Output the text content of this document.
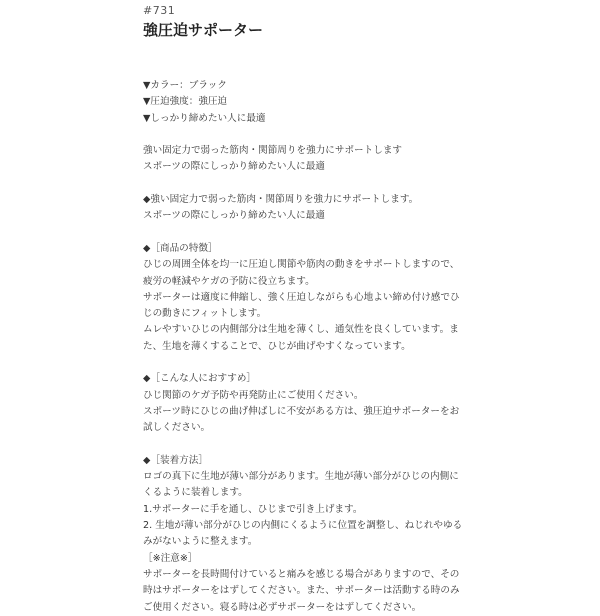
#731
強圧迫サポーター
▼カラー：ブラック
▼圧迫強度：強圧迫
▼しっかり締めたい人に最適
強い固定力で弱った筋肉・関節周りを強力にサポートします
スポーツの際にしっかり締めたい人に最適
◆強い固定力で弱った筋肉・関節周りを強力にサポートします。
スポーツの際にしっかり締めたい人に最適
◆［商品の特徴］
ひじの周囲全体を均一に圧迫し関節や筋肉の動きをサポートしますので、
疲労の軽減やケガの予防に役立ちます。
サポーターは適度に伸縮し、強く圧迫しながらも心地よい締め付け感でひ
じの動きにフィットします。
ムレやすいひじの内側部分は生地を薄くし、通気性を良くしています。ま
た、生地を薄くすることで、ひじが曲げやすくなっています。
◆［こんな人におすすめ］
ひじ関節のケガ予防や再発防止にご使用ください。
スポーツ時にひじの曲げ伸ばしに不安がある方は、強圧迫サポーターをお
試しください。
◆［装着方法］
ロゴの真下に生地が薄い部分があります。生地が薄い部分がひじの内側に
くるように装着します。
1.サポーターに手を通し、ひじまで引き上げます。
2. 生地が薄い部分がひじの内側にくるように位置を調整し、ねじれやゆる
みがないように整えます。
［※注意※］
サポーターを長時間付けていると痛みを感じる場合がありますので、その
時はサポーターをはずしてください。また、サポーターは活動する時のみ
ご使用ください。寝る時は必ずサポーターをはずしてください。
